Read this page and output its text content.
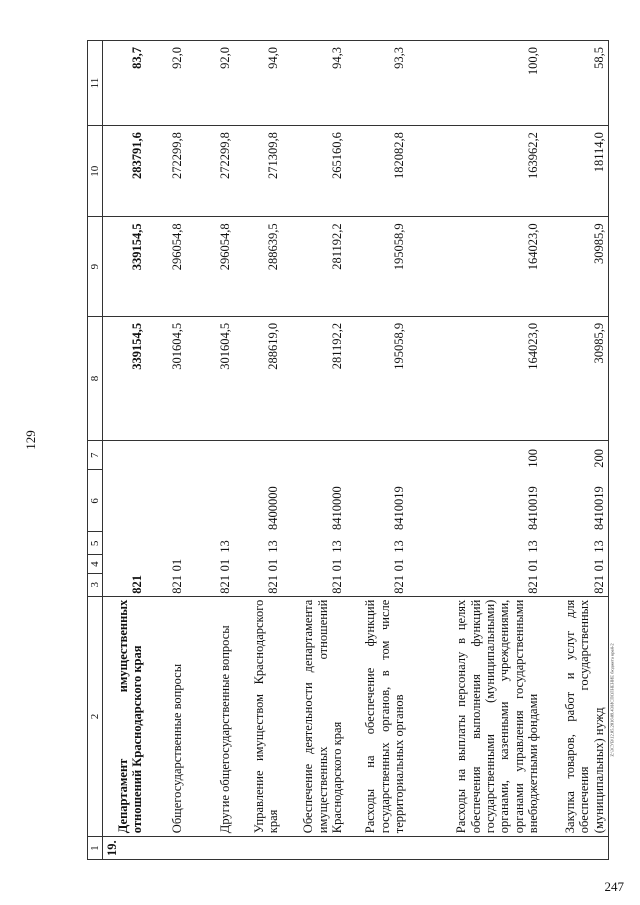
129
1	2	3	4	5	6	7	8	9	10	11
19.	Департамент имущественных отношений Краснодарского края	821					339154,5	339154,5	283791,6	83,7
	Общегосударственные вопросы	821	01				301604,5	296054,8	272299,8	92,0
	Другие общегосударственные вопросы	821	01	13			301604,5	296054,8	272299,8	92,0
	Управление имуществом Краснодарского края	821	01	13	8400000		288619,0	288639,5	271309,8	94,0
	Обеспечение деятельности департамента имущественных отношений Краснодарского края	821	01	13	8410000		281192,2	281192,2	265160,6	94,3
	Расходы на обеспечение функций государственных органов, в том числе территориальных органов	821	01	13	8410019		195058,9	195058,9	182082,8	93,3
	Расходы на выплаты персоналу в целях обеспечения выполнения функций государственными (муниципальными) органами, казенными учреждениями, органами управления государственными внебюджетными фондами	821	01	13	8410019	100	164023,0	164023,0	163962,2	100,0
	Закупка товаров, работ и услуг для обеспечения государственных (муниципальных) нужд	821	01	13	8410019	200	30985,9	30985,9	18114,0	58,5
Z:\3СУВ\12.05.2016\09.43\ИСПОЛНЕНИЕ бюджета край-2
247
